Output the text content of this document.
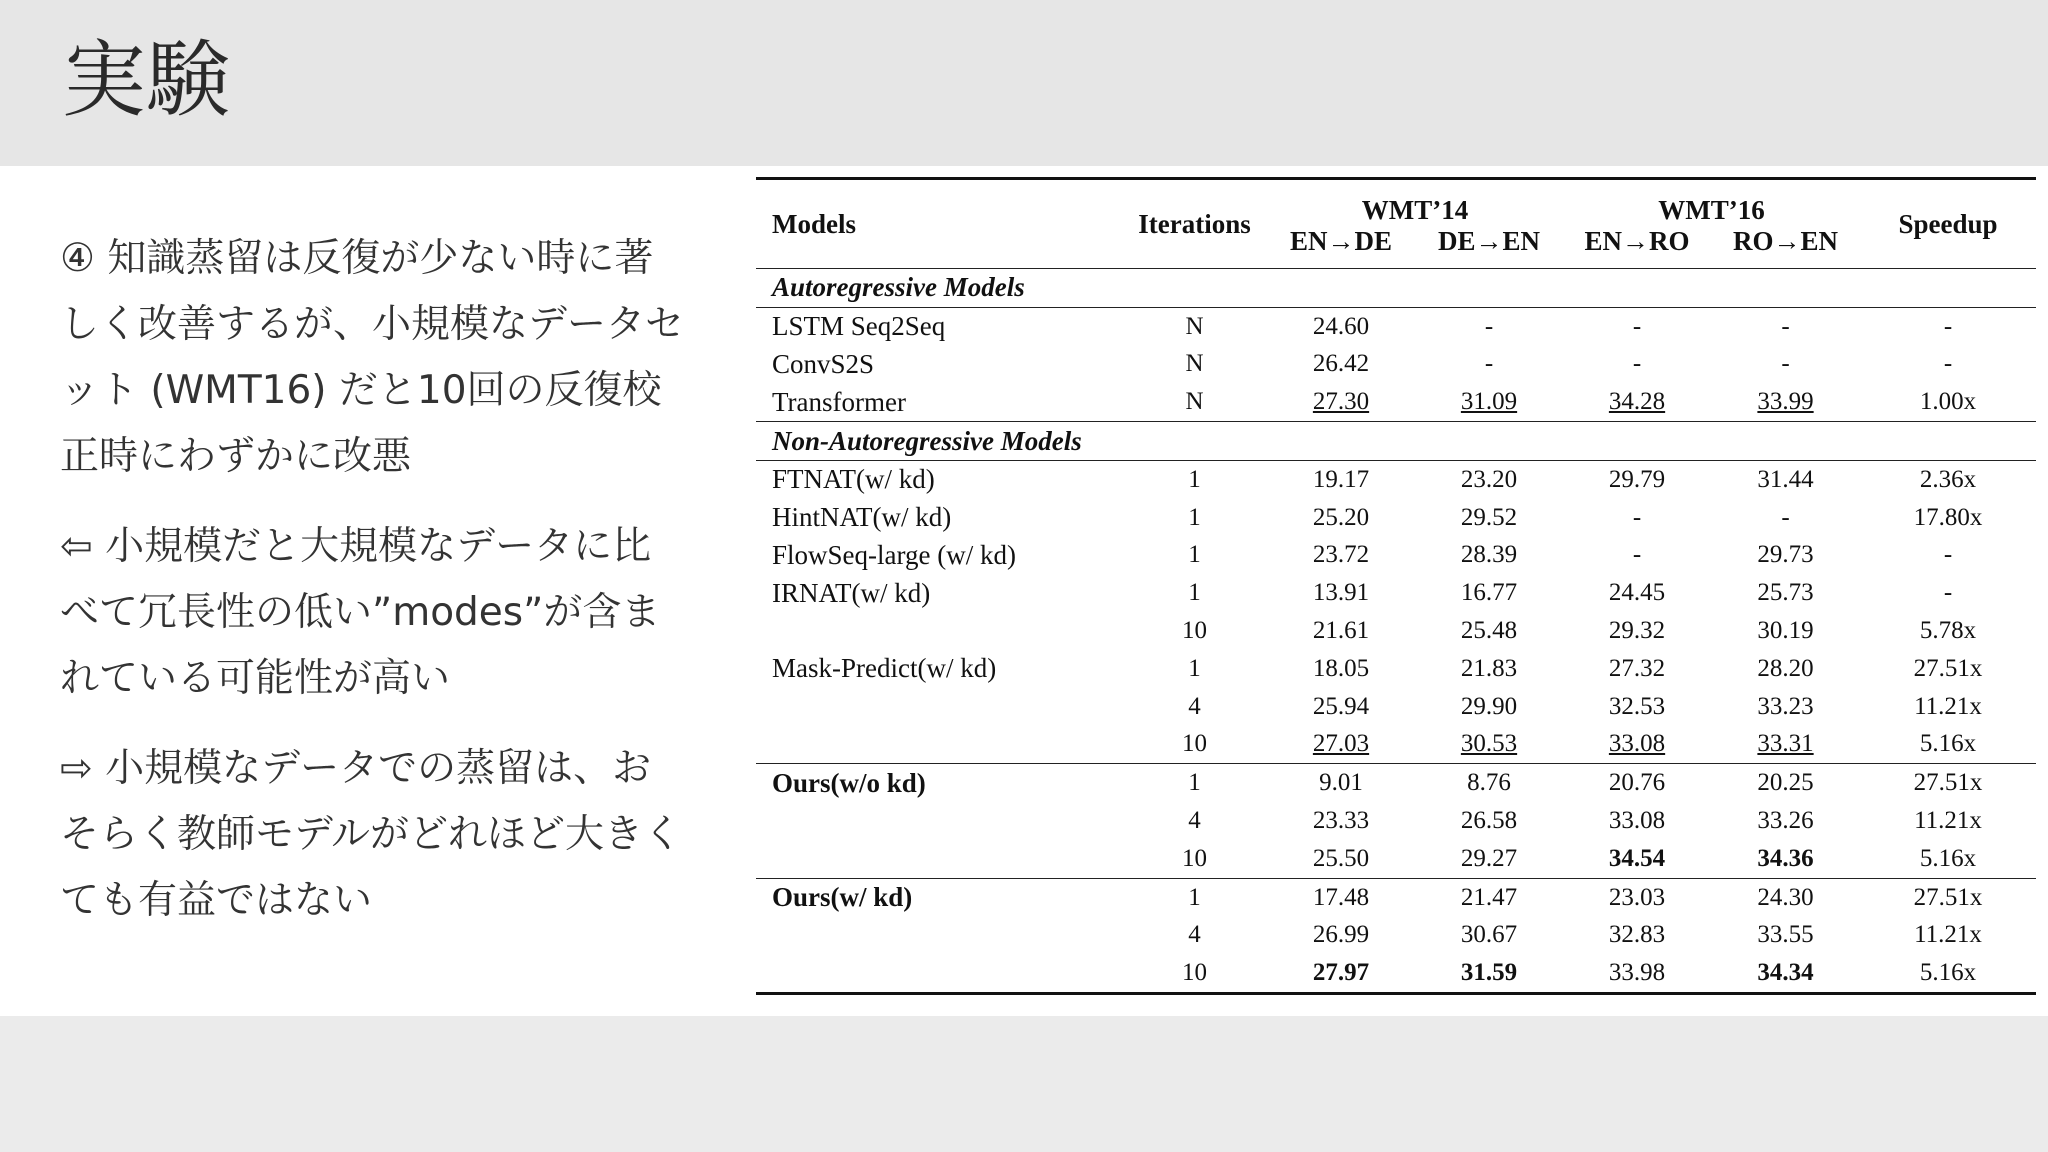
実験

④ 知識蒸留は反復が少ない時に著しく改善するが、小規模なデータセット (WMT16) だと10回の反復校正時にわずかに改悪

⇦ 小規模だと大規模なデータに比べて冗長性の低い”modes”が含まれている可能性が高い

⇨ 小規模なデータでの蒸留は、おそらく教師モデルがどれほど大きくても有益ではない

Models	Iterations	WMT’14		WMT’16		Speedup
		EN→DE	DE→EN	EN→RO	RO→EN	
Autoregressive Models						
LSTM Seq2Seq	N	24.60	-	-	-	-
ConvS2S	N	26.42	-	-	-	-
Transformer	N	27.30	31.09	34.28	33.99	1.00x
Non-Autoregressive Models						
FTNAT(w/ kd)	1	19.17	23.20	29.79	31.44	2.36x
HintNAT(w/ kd)	1	25.20	29.52	-	-	17.80x
FlowSeq-large (w/ kd)	1	23.72	28.39	-	29.73	-
IRNAT(w/ kd)	1	13.91	16.77	24.45	25.73	-
	10	21.61	25.48	29.32	30.19	5.78x
Mask-Predict(w/ kd)	1	18.05	21.83	27.32	28.20	27.51x
	4	25.94	29.90	32.53	33.23	11.21x
	10	27.03	30.53	33.08	33.31	5.16x
Ours(w/o kd)	1	9.01	8.76	20.76	20.25	27.51x
	4	23.33	26.58	33.08	33.26	11.21x
	10	25.50	29.27	34.54	34.36	5.16x
Ours(w/ kd)	1	17.48	21.47	23.03	24.30	27.51x
	4	26.99	30.67	32.83	33.55	11.21x
	10	27.97	31.59	33.98	34.34	5.16x
